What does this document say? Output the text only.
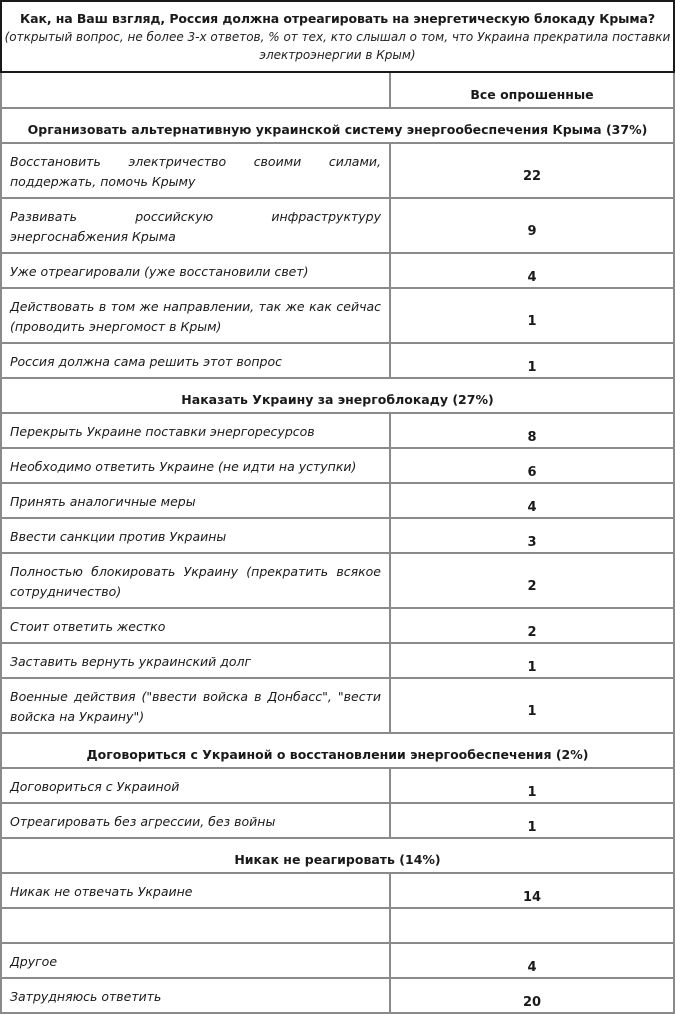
Как, на Ваш взгляд, Россия должна отреагировать на энергетическую блокаду Крыма?
(открытый вопрос, не более 3-х ответов, % от тех, кто слышал о том, что Украина прекратила поставки электроэнергии в Крым)
	Все опрошенные
Организовать альтернативную украинской систему энергообеспечения Крыма (37%)	
Восстановить электричество своими силами, поддержать, помочь Крыму	22
Развивать российскую инфраструктуру энергоснабжения Крыма	9
Уже отреагировали (уже восстановили свет)	4
Действовать в том же направлении, так же как сейчас (проводить энергомост в Крым)	1
Россия должна сама решить этот вопрос	1
Наказать Украину за энергоблокаду (27%)	
Перекрыть Украине поставки энергоресурсов	8
Необходимо ответить Украине (не идти на уступки)	6
Принять аналогичные меры	4
Ввести санкции против Украины	3
Полностью блокировать Украину (прекратить всякое сотрудничество)	2
Стоит ответить жестко	2
Заставить вернуть украинский долг	1
Военные действия ("ввести войска в Донбасс", "вести войска на Украину")	1
Договориться с Украиной о восстановлении энергообеспечения (2%)	
Договориться с Украиной	1
Отреагировать без агрессии, без войны	1
Никак не реагировать (14%)	
Никак не отвечать Украине	14

Другое	4
Затрудняюсь ответить	20
